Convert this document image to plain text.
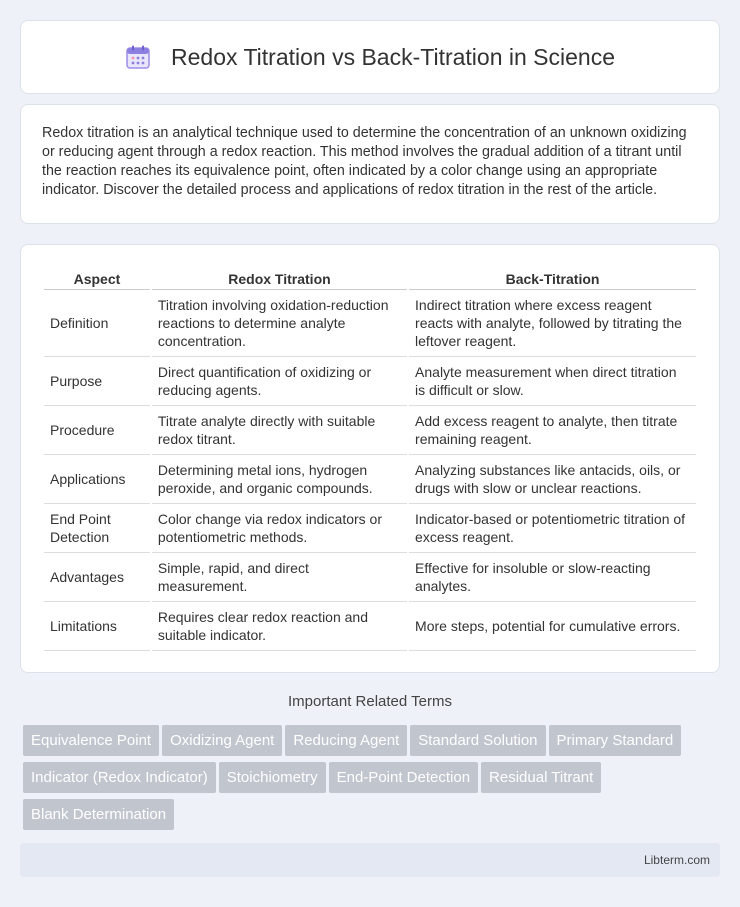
Redox Titration vs Back-Titration in Science

Redox titration is an analytical technique used to determine the concentration of an unknown oxidizing or reducing agent through a redox reaction. This method involves the gradual addition of a titrant until the reaction reaches its equivalence point, often indicated by a color change using an appropriate indicator. Discover the detailed process and applications of redox titration in the rest of the article.

Aspect	Redox Titration	Back-Titration
Definition	Titration involving oxidation-reduction reactions to determine analyte concentration.	Indirect titration where excess reagent reacts with analyte, followed by titrating the leftover reagent.
Purpose	Direct quantification of oxidizing or reducing agents.	Analyte measurement when direct titration is difficult or slow.
Procedure	Titrate analyte directly with suitable redox titrant.	Add excess reagent to analyte, then titrate remaining reagent.
Applications	Determining metal ions, hydrogen peroxide, and organic compounds.	Analyzing substances like antacids, oils, or drugs with slow or unclear reactions.
End Point Detection	Color change via redox indicators or potentiometric methods.	Indicator-based or potentiometric titration of excess reagent.
Advantages	Simple, rapid, and direct measurement.	Effective for insoluble or slow-reacting analytes.
Limitations	Requires clear redox reaction and suitable indicator.	More steps, potential for cumulative errors.
Important Related Terms
Equivalence Point Oxidizing Agent Reducing Agent Standard Solution Primary StandardIndicator (Redox Indicator) Stoichiometry End-Point Detection Residual TitrantBlank Determination
Libterm.com
